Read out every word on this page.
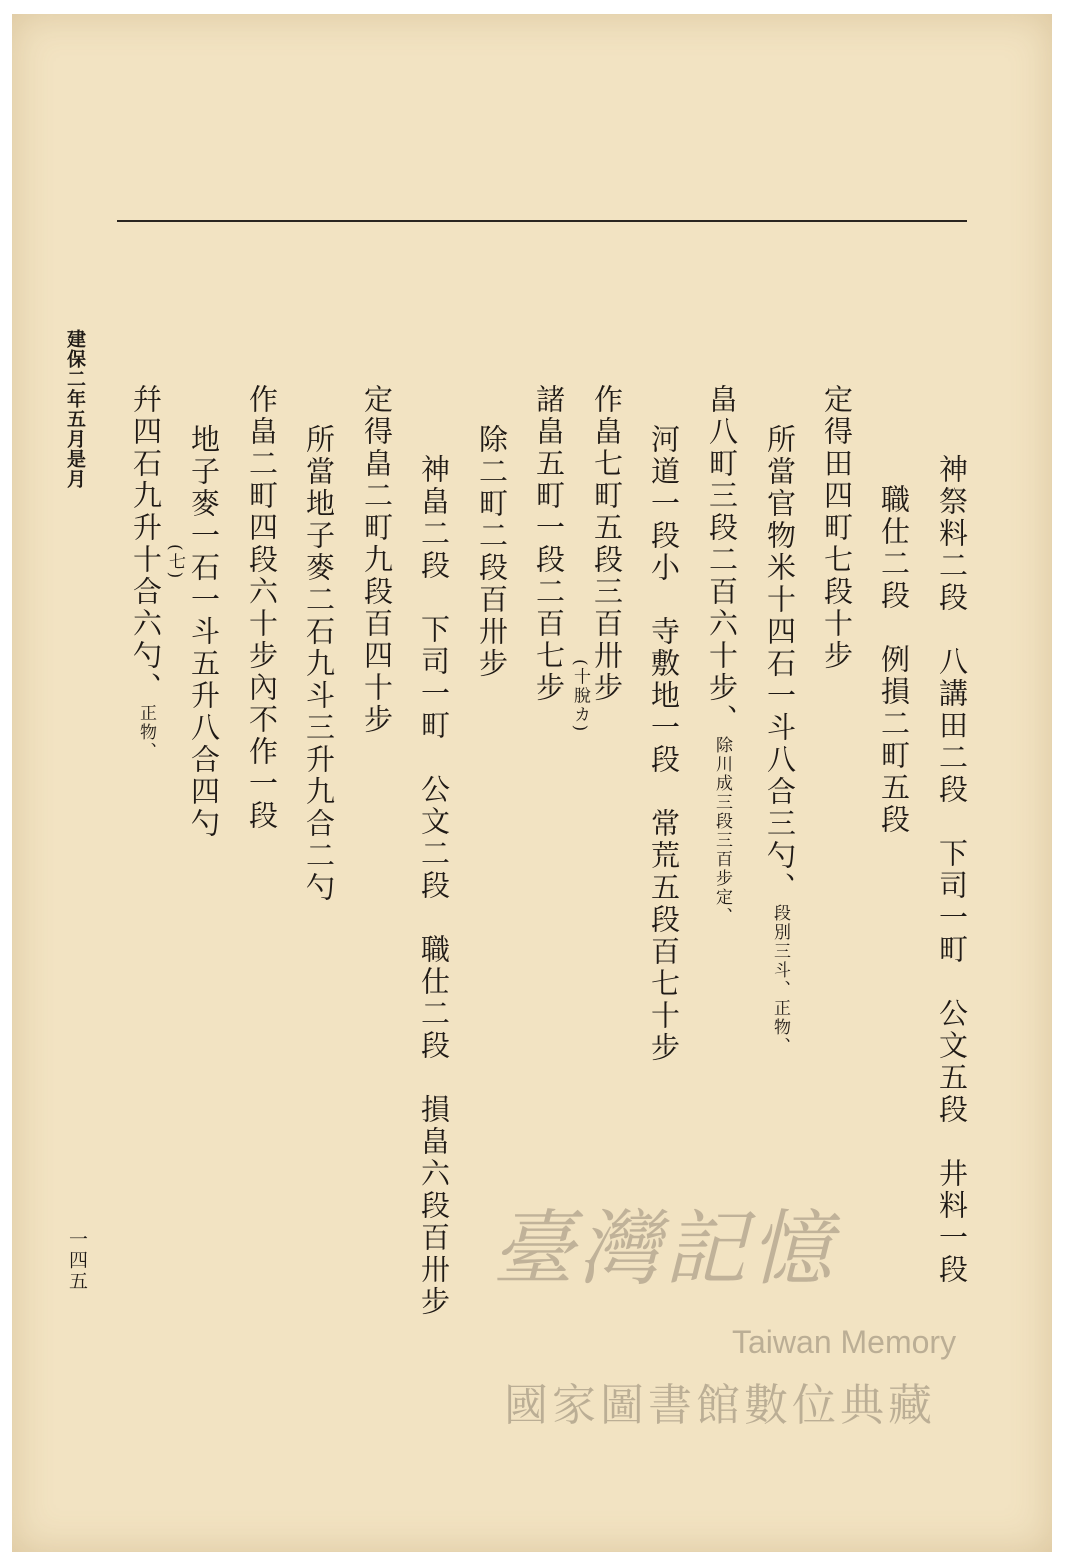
神祭料二段　八講田二段　下司一町　公文五段　井料一段
職仕二段　例損二町五段
定得田四町七段十步
所當官物米十四石一斗八合三勺、段別三斗、正物、
畠八町三段二百六十步、除川成三段三百步定、
河道一段小　寺敷地一段　常荒五段百七十步
作畠七町五段三百卅步
(十脫カ)
諸畠五町一段二百七步
除二町二段百卅步
神畠二段　下司一町　公文二段　職仕二段　損畠六段百卅步
定得畠二町九段百四十步
所當地子麥二石九斗三升九合二勺
作畠二町四段六十步內不作一段
地子麥一石一斗五升八合四勺
(七)
幷四石九升十合六勺、正物、
建保二年五月是月
一四五	臺灣記憶
Taiwan Memory
國家圖書館數位典藏
